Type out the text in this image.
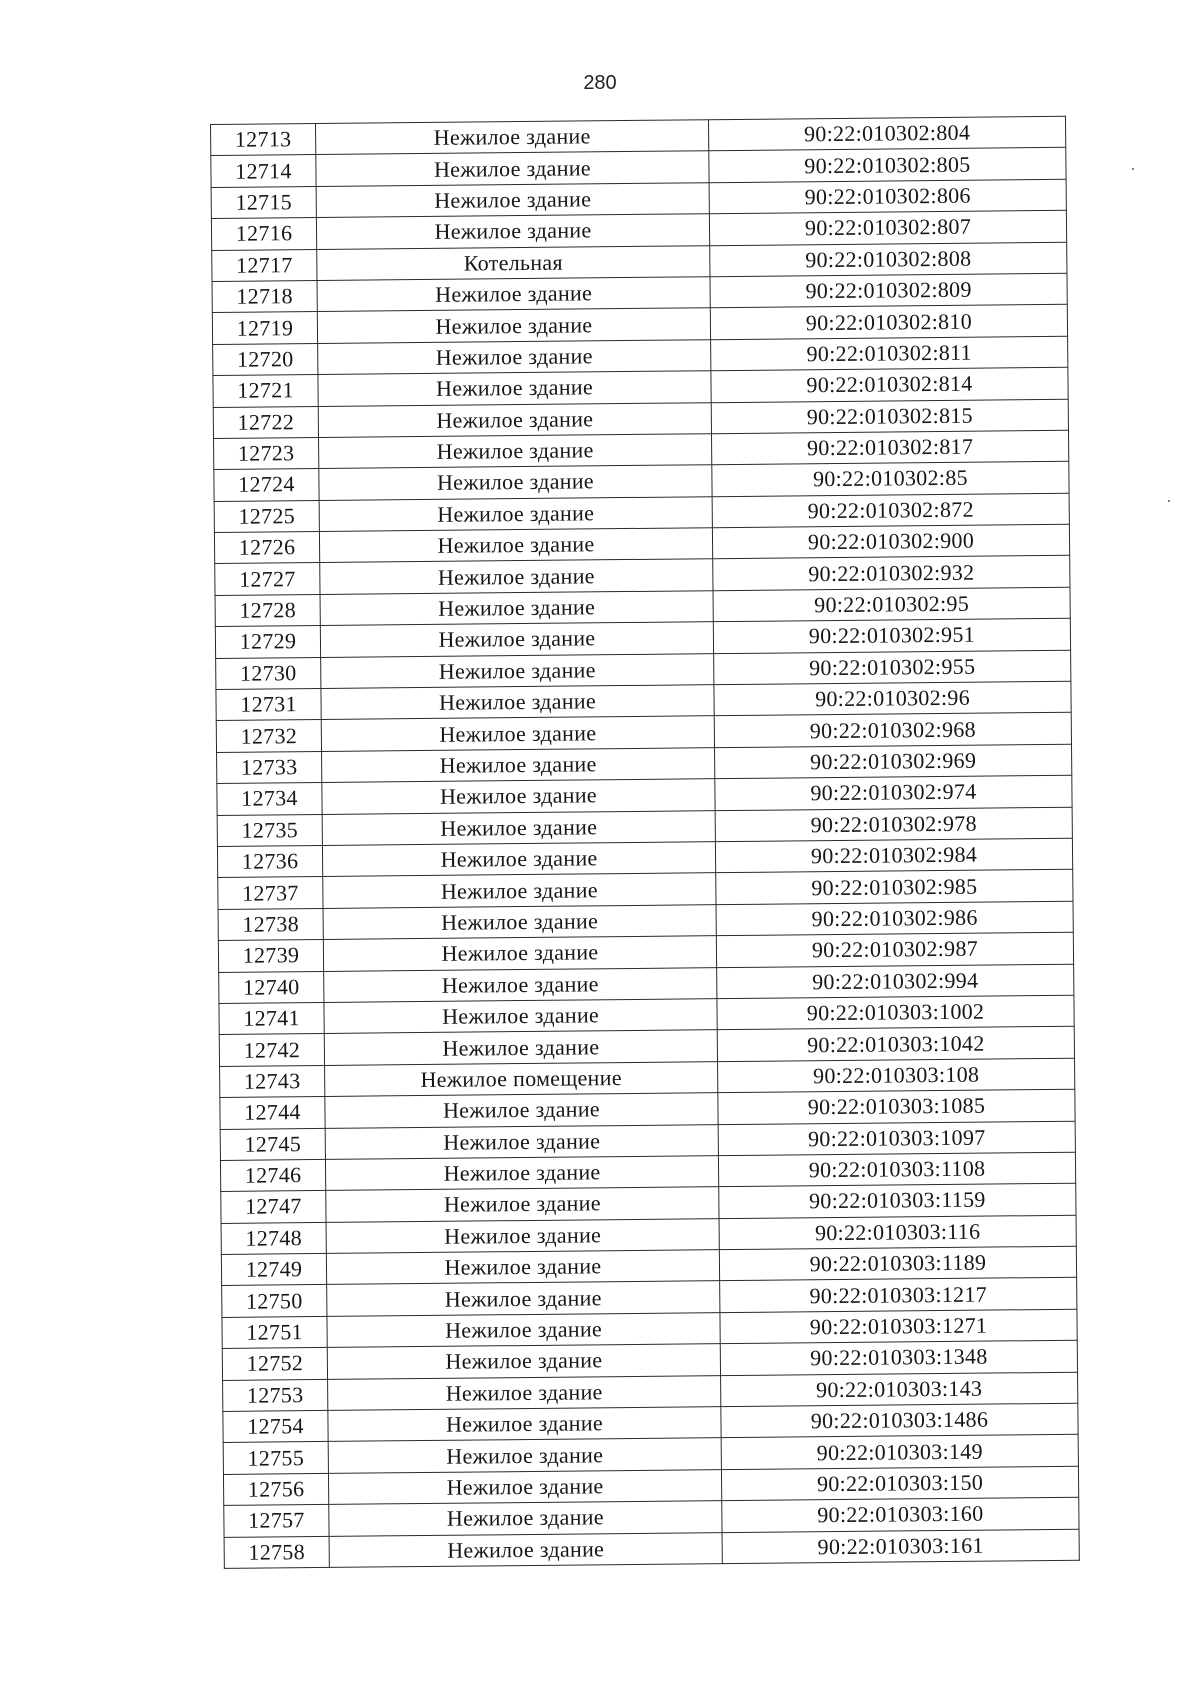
280
12713	Нежилое здание	90:22:010302:804
12714	Нежилое здание	90:22:010302:805
12715	Нежилое здание	90:22:010302:806
12716	Нежилое здание	90:22:010302:807
12717	Котельная	90:22:010302:808
12718	Нежилое здание	90:22:010302:809
12719	Нежилое здание	90:22:010302:810
12720	Нежилое здание	90:22:010302:811
12721	Нежилое здание	90:22:010302:814
12722	Нежилое здание	90:22:010302:815
12723	Нежилое здание	90:22:010302:817
12724	Нежилое здание	90:22:010302:85
12725	Нежилое здание	90:22:010302:872
12726	Нежилое здание	90:22:010302:900
12727	Нежилое здание	90:22:010302:932
12728	Нежилое здание	90:22:010302:95
12729	Нежилое здание	90:22:010302:951
12730	Нежилое здание	90:22:010302:955
12731	Нежилое здание	90:22:010302:96
12732	Нежилое здание	90:22:010302:968
12733	Нежилое здание	90:22:010302:969
12734	Нежилое здание	90:22:010302:974
12735	Нежилое здание	90:22:010302:978
12736	Нежилое здание	90:22:010302:984
12737	Нежилое здание	90:22:010302:985
12738	Нежилое здание	90:22:010302:986
12739	Нежилое здание	90:22:010302:987
12740	Нежилое здание	90:22:010302:994
12741	Нежилое здание	90:22:010303:1002
12742	Нежилое здание	90:22:010303:1042
12743	Нежилое помещение	90:22:010303:108
12744	Нежилое здание	90:22:010303:1085
12745	Нежилое здание	90:22:010303:1097
12746	Нежилое здание	90:22:010303:1108
12747	Нежилое здание	90:22:010303:1159
12748	Нежилое здание	90:22:010303:116
12749	Нежилое здание	90:22:010303:1189
12750	Нежилое здание	90:22:010303:1217
12751	Нежилое здание	90:22:010303:1271
12752	Нежилое здание	90:22:010303:1348
12753	Нежилое здание	90:22:010303:143
12754	Нежилое здание	90:22:010303:1486
12755	Нежилое здание	90:22:010303:149
12756	Нежилое здание	90:22:010303:150
12757	Нежилое здание	90:22:010303:160
12758	Нежилое здание	90:22:010303:161
